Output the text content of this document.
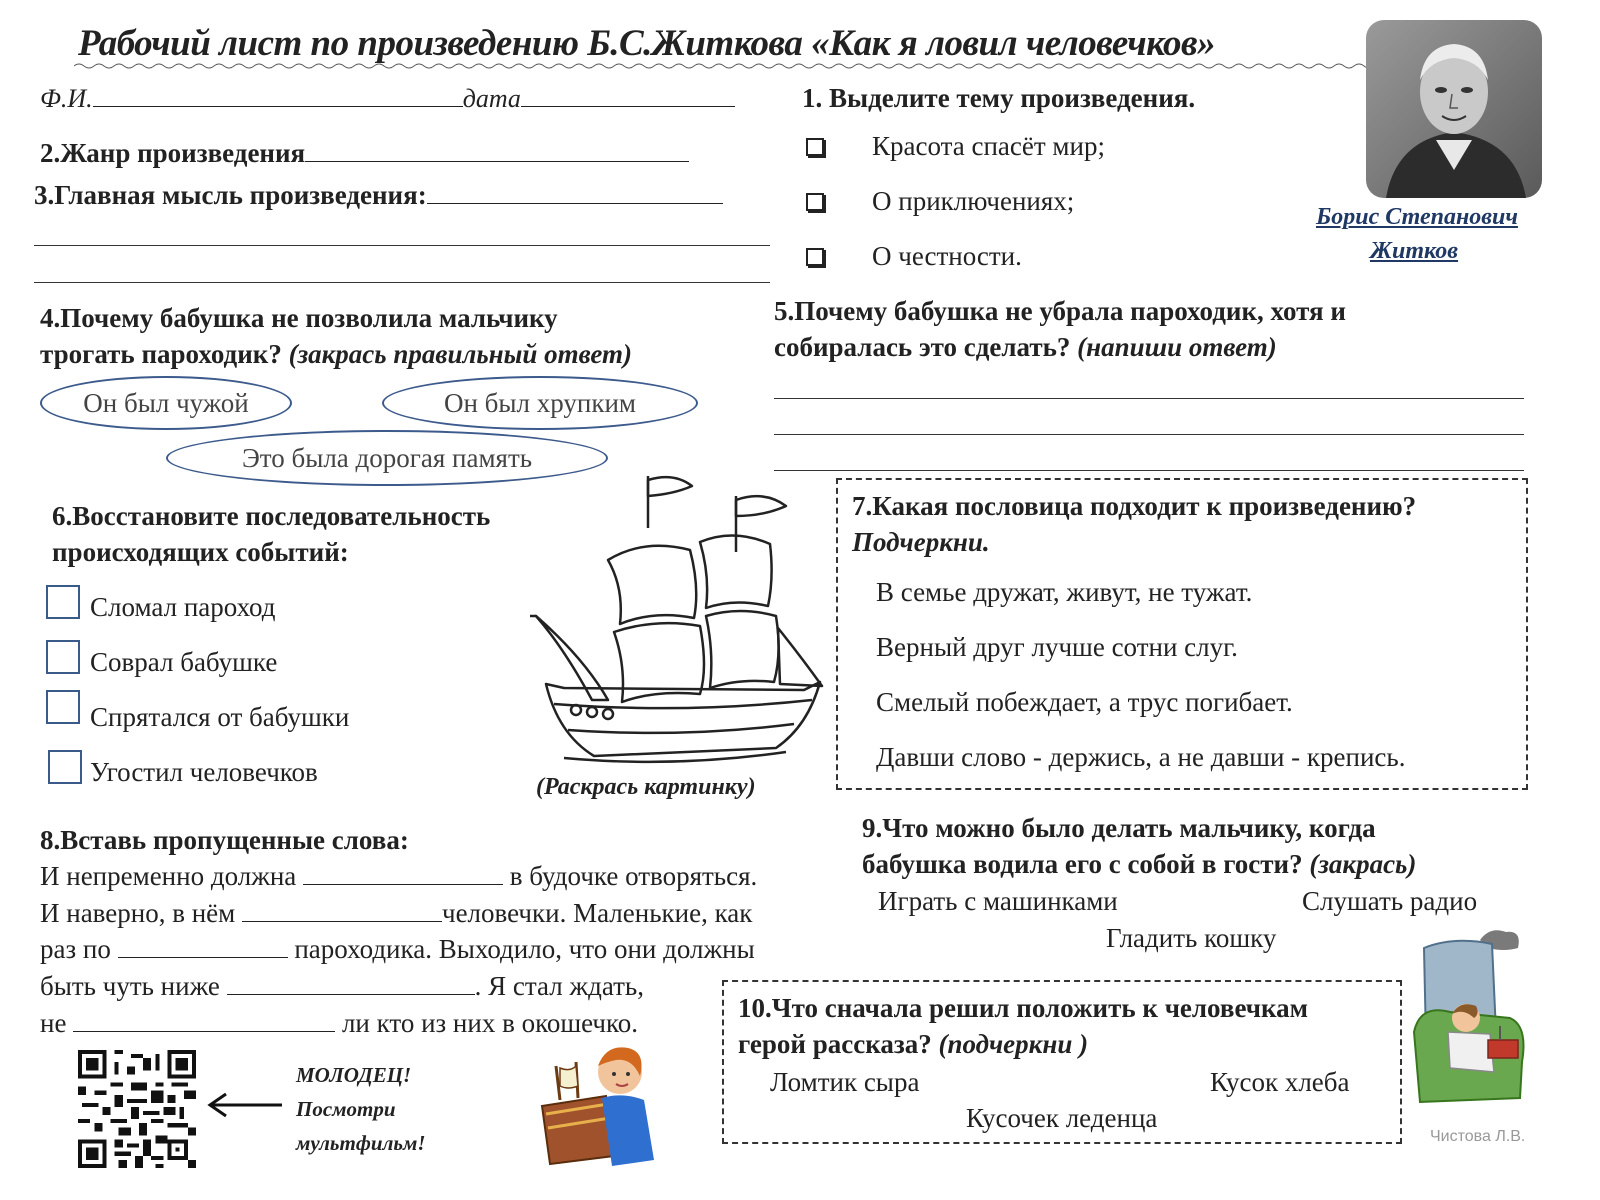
Рабочий лист по произведению Б.С.Житкова «Как я ловил человечков»
Ф.И.	дата	1. Выделите тему произведения.
Красота спасёт мир;
О приключениях;
О честности.
Борис Степанович
Житков
2.Жанр произведения
3.Главная мысль произведения:
4.Почему бабушка не позволила мальчику
трогать пароходик? (закрась правильный ответ)
Он был чужой	Он был хрупким
Это была дорогая память
5.Почему бабушка не убрала пароходик, хотя и
собиралась это сделать? (напиши ответ)
6.Восстановите последовательность
происходящих событий:
Сломал пароход
Соврал бабушке
Спрятался от бабушки
Угостил человечков	(Раскрась картинку)
7.Какая пословица подходит к произведению?
Подчеркни.
В семье дружат, живут, не тужат.
Верный друг лучше сотни слуг.
Смелый побеждает, а трус погибает.
Давши слово - держись, а не давши - крепись.
8.Вставь пропущенные слова:
И непременно должна	в будочке отворяться.
И наверно, в нём	человечки. Маленькие, как
раз по	пароходика. Выходило, что они должны
быть чуть ниже	. Я стал ждать,
не	ли кто из них в окошечко.
9.Что можно было делать мальчику, когда
бабушка водила его с собой в гости? (закрась)
Играть с машинками	Слушать радио
Гладить кошку
10.Что сначала решил положить к человечкам
герой рассказа? (подчеркни )
Ломтик сыра	Кусок хлеба
Кусочек леденца
МОЛОДЕЦ!
Посмотри
мультфильм!	Чистова Л.В.
